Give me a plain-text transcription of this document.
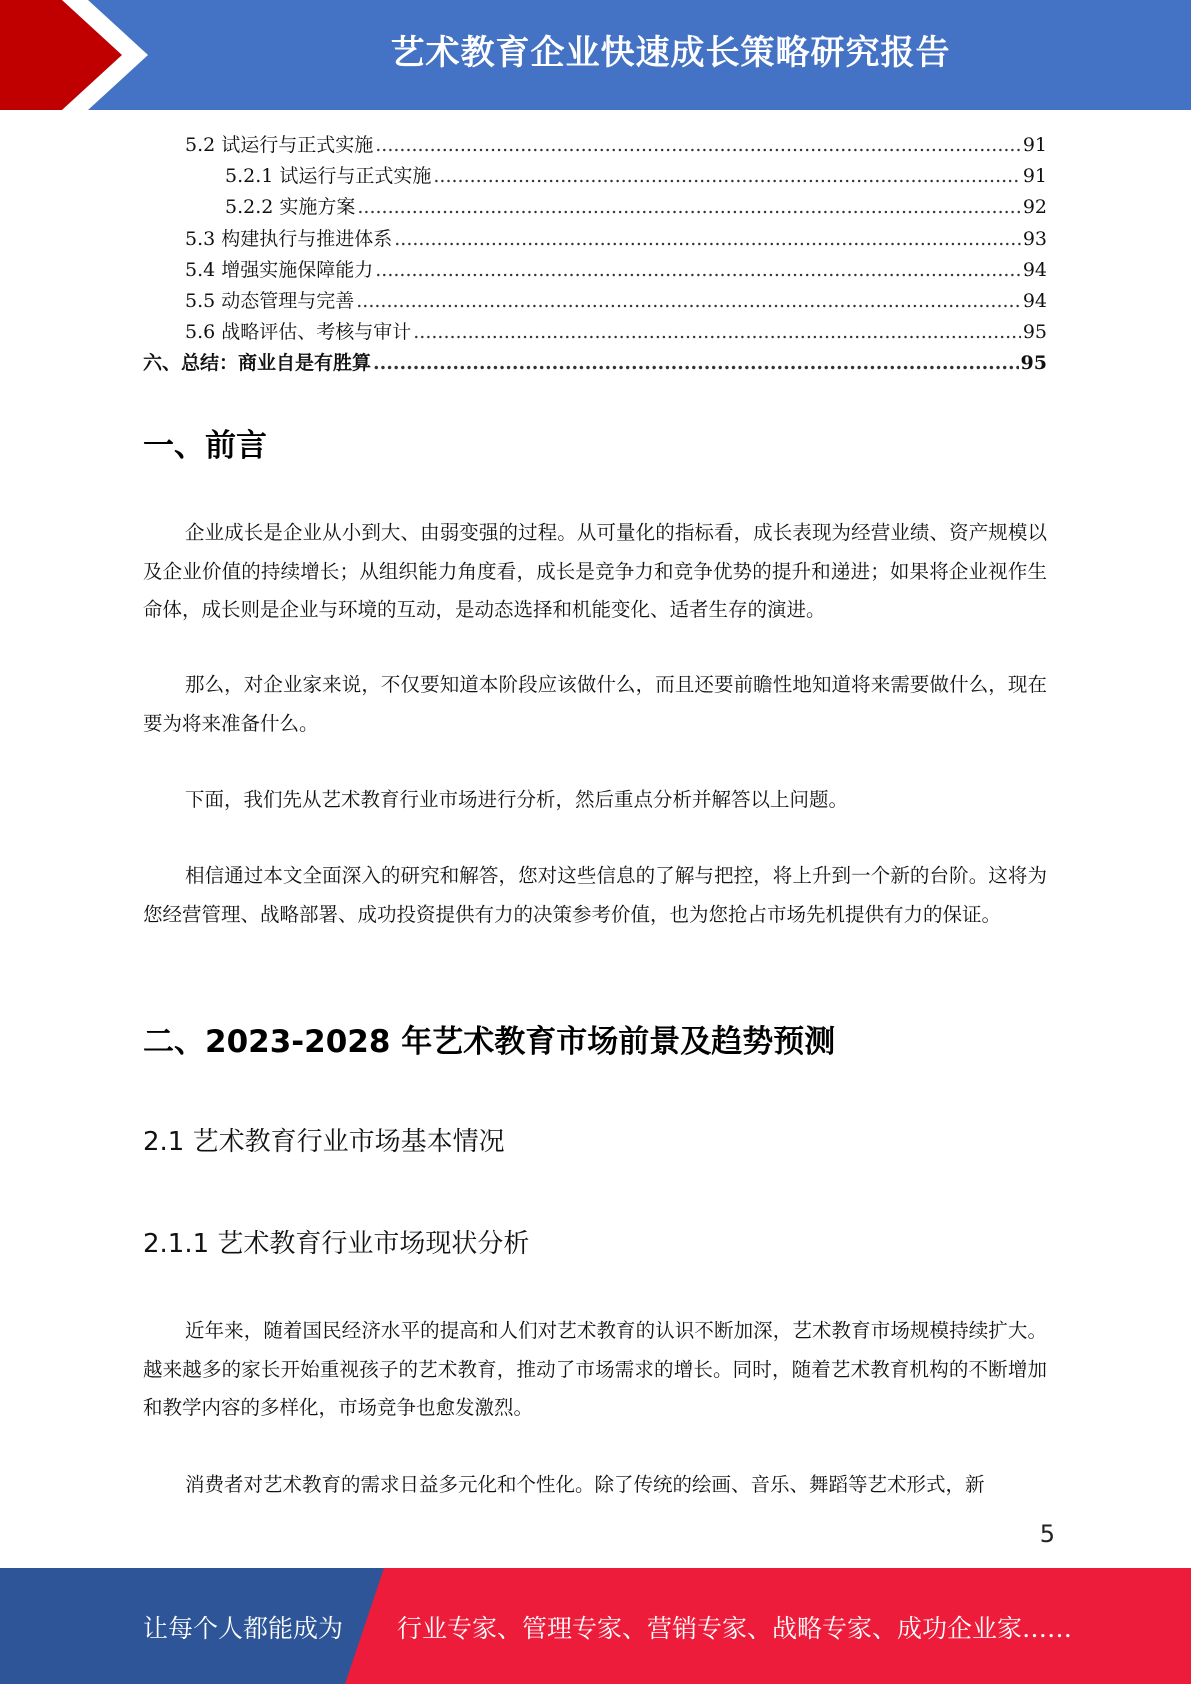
艺术教育企业快速成长策略研究报告
5.2 试运行与正式实施 .....	91
5.2.1 试运行与正式实施 .....	91
5.2.2 实施方案 .....	92
5.3 构建执行与推进体系 .....	93
5.4 增强实施保障能力 .....	94
5.5 动态管理与完善 .....	94
5.6 战略评估、考核与审计 .....	95
六、总结：商业自是有胜算 .....	95
一、前言
企业成长是企业从小到大、由弱变强的过程。从可量化的指标看，成长表现为经营业绩、资产规模以及企业价值的持续增长；从组织能力角度看，成长是竞争力和竞争优势的提升和递进；如果将企业视作生命体，成长则是企业与环境的互动，是动态选择和机能变化、适者生存的演进。
那么，对企业家来说，不仅要知道本阶段应该做什么，而且还要前瞻性地知道将来需要做什么，现在要为将来准备什么。
下面，我们先从艺术教育行业市场进行分析，然后重点分析并解答以上问题。
相信通过本文全面深入的研究和解答，您对这些信息的了解与把控，将上升到一个新的台阶。这将为您经营管理、战略部署、成功投资提供有力的决策参考价值，也为您抢占市场先机提供有力的保证。
二、2023-2028 年艺术教育市场前景及趋势预测
2.1 艺术教育行业市场基本情况
2.1.1 艺术教育行业市场现状分析
近年来，随着国民经济水平的提高和人们对艺术教育的认识不断加深，艺术教育市场规模持续扩大。越来越多的家长开始重视孩子的艺术教育，推动了市场需求的增长。同时，随着艺术教育机构的不断增加和教学内容的多样化，市场竞争也愈发激烈。
消费者对艺术教育的需求日益多元化和个性化。除了传统的绘画、音乐、舞蹈等艺术形式，新
5
让每个人都能成为 行业专家、管理专家、营销专家、战略专家、成功企业家……
